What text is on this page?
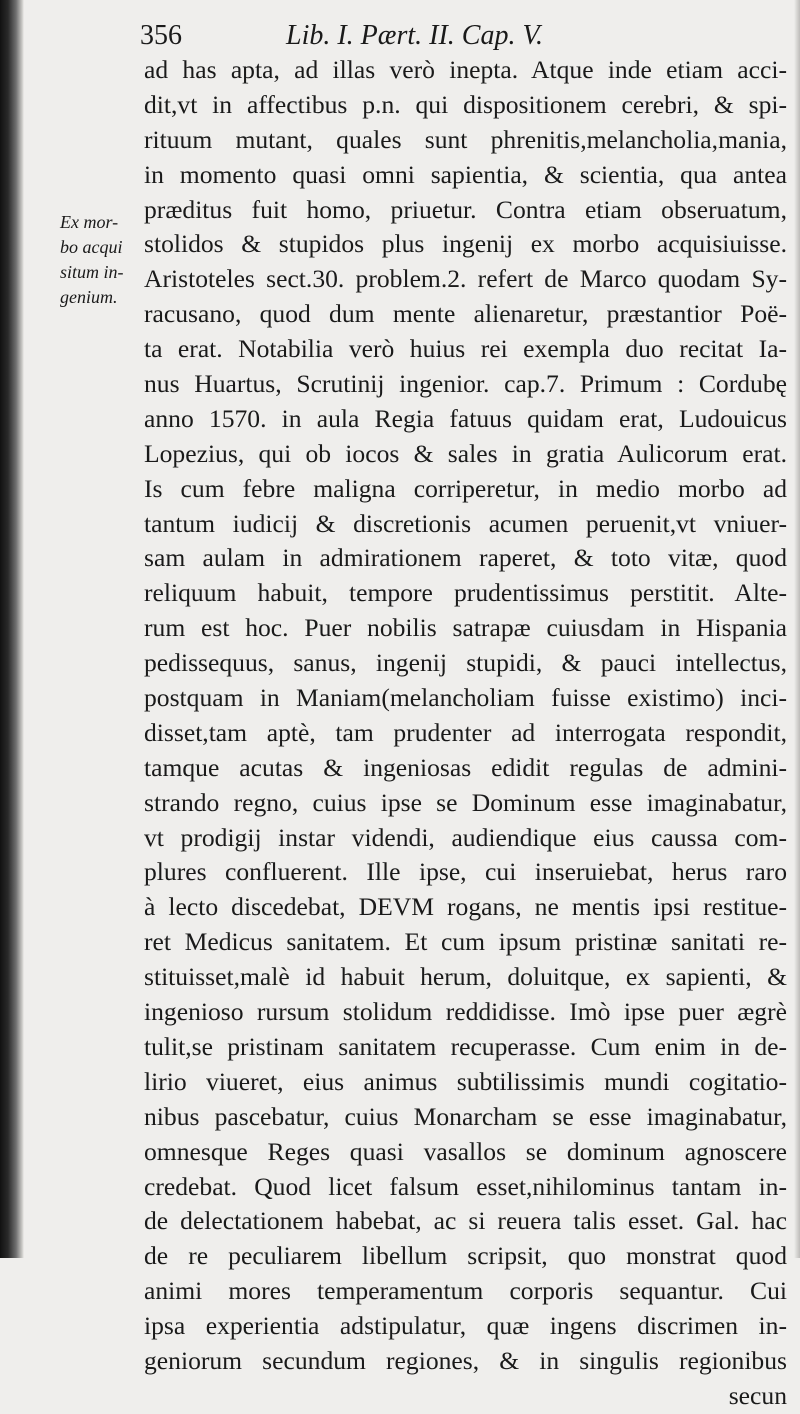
356	Lib. I. Pært. II. Cap. V.
Ex mor-
bo acqui
situm in-
genium.
ad has apta, ad illas verò inepta. Atque inde etiam acci-
dit,vt in affectibus p.n. qui dispositionem cerebri, & spi-
rituum mutant, quales sunt phrenitis,melancholia,mania,
in momento quasi omni sapientia, & scientia, qua antea
præditus fuit homo, priuetur. Contra etiam obseruatum,
stolidos & stupidos plus ingenij ex morbo acquisiuisse.
Aristoteles sect.30. problem.2. refert de Marco quodam Sy-
racusano, quod dum mente alienaretur, præstantior Poë-
ta erat. Notabilia verò huius rei exempla duo recitat Ia-
nus Huartus, Scrutinij ingenior. cap.7. Primum : Cordubę
anno 1570. in aula Regia fatuus quidam erat, Ludouicus
Lopezius, qui ob iocos & sales in gratia Aulicorum erat.
Is cum febre maligna corriperetur, in medio morbo ad
tantum iudicij & discretionis acumen peruenit,vt vniuer-
sam aulam in admirationem raperet, & toto vitæ, quod
reliquum habuit, tempore prudentissimus perstitit. Alte-
rum est hoc. Puer nobilis satrapæ cuiusdam in Hispania
pedissequus, sanus, ingenij stupidi, & pauci intellectus,
postquam in Maniam(melancholiam fuisse existimo) inci-
disset,tam aptè, tam prudenter ad interrogata respondit,
tamque acutas & ingeniosas edidit regulas de admini-
strando regno, cuius ipse se Dominum esse imaginabatur,
vt prodigij instar videndi, audiendique eius caussa com-
plures confluerent. Ille ipse, cui inseruiebat, herus raro
à lecto discedebat, DEVM rogans, ne mentis ipsi restitue-
ret Medicus sanitatem. Et cum ipsum pristinæ sanitati re-
stituisset,malè id habuit herum, doluitque, ex sapienti, &
ingenioso rursum stolidum reddidisse. Imò ipse puer ægrè
tulit,se pristinam sanitatem recuperasse. Cum enim in de-
lirio viueret, eius animus subtilissimis mundi cogitatio-
nibus pascebatur, cuius Monarcham se esse imaginabatur,
omnesque Reges quasi vasallos se dominum agnoscere
credebat. Quod licet falsum esset,nihilominus tantam in-
de delectationem habebat, ac si reuera talis esset. Gal. hac
de re peculiarem libellum scripsit, quo monstrat quod
animi mores temperamentum corporis sequantur. Cui
ipsa experientia adstipulatur, quæ ingens discrimen in-
geniorum secundum regiones, & in singulis regionibus
secun
